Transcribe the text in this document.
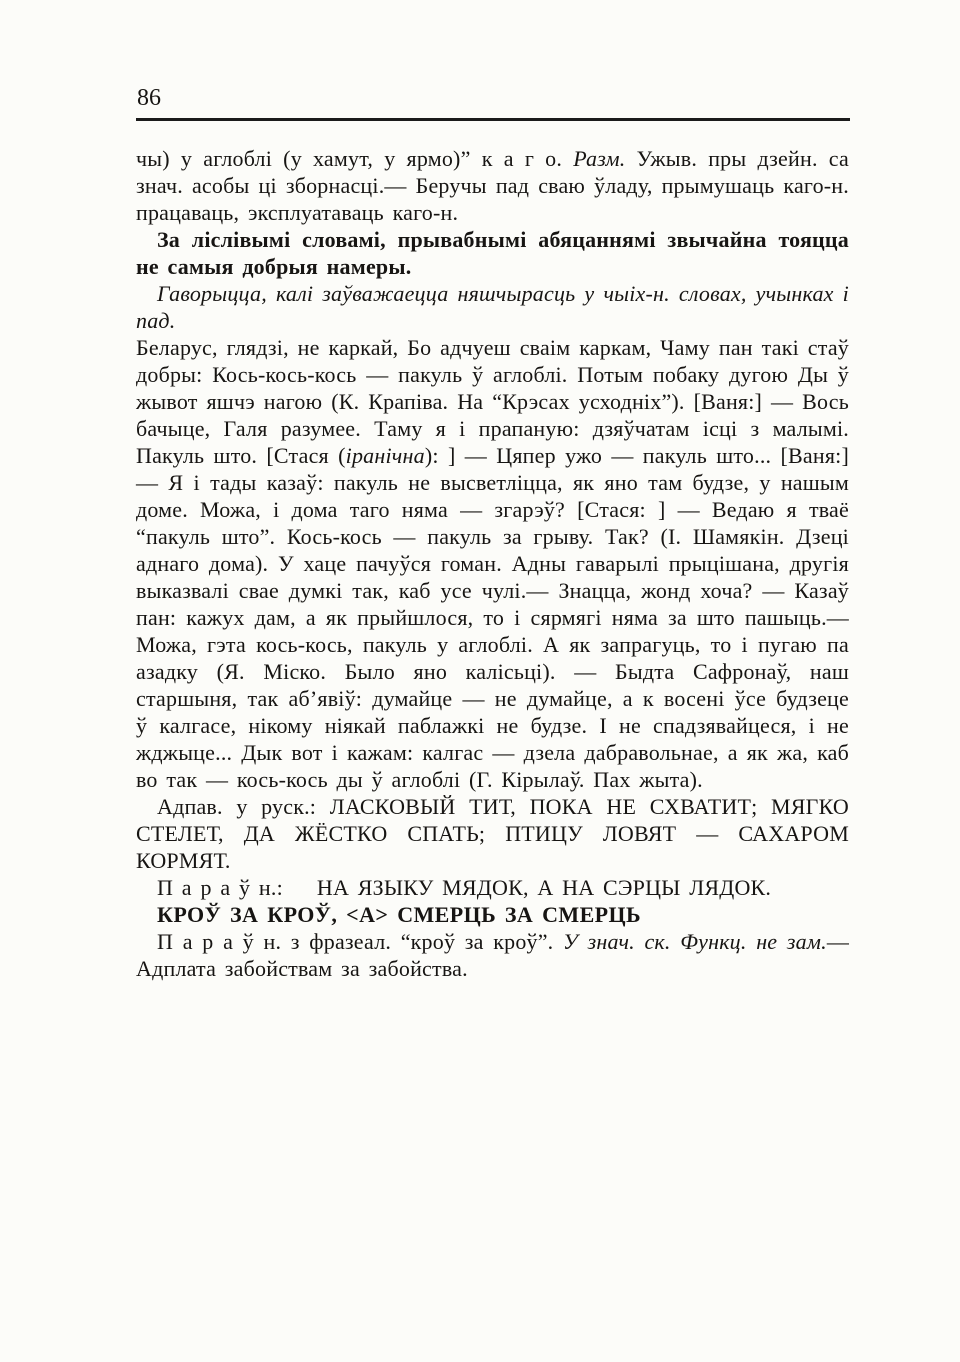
86

чы) у аглоблі (у хамут, у ярмо)” к а г о. Разм. Ужыв. пры дзейн. са знач. асобы ці зборнасці.— Беручы пад сваю ўладу, прымушаць каго-н. працаваць, эксплуатаваць каго-н.

За ліслівымі словамі, прывабнымі абяцаннямі звычайна тояцца не самыя добрыя намеры.

Гаворыцца, калі заўважаецца няшчырасць у чыіх-н. словах, учынках і пад.

Беларус, глядзі, не каркай, Бо адчуеш сваім каркам, Чаму пан такі стаў добры: Кось-кось-кось — пакуль ў аглоблі. Потым побаку дугою Ды ў жывот яшчэ нагою (К. Крапіва. На “Крэсах усходніх”). [Ваня:] — Вось бачыце, Галя разумее. Таму я і прапаную: дзяўчатам ісці з малымі. Пакуль што. [Стася (іранічна): ] — Цяпер ужо — пакуль што... [Ваня:] — Я і тады казаў: пакуль не высветліцца, як яно там будзе, у нашым доме. Можа, і дома таго няма — згарэў? [Стася: ] — Ведаю я тваё “пакуль што”. Кось-кось — пакуль за грыву. Так? (І. Шамякін. Дзеці аднаго дома). У хаце пачуўся гоман. Адны гаварылі прыцішана, другія выказвалі свае думкі так, каб усе чулі.— Знацца, жонд хоча? — Казаў пан: кажух дам, а як прыйшлося, то і сярмягі няма за што пашыць.— Можа, гэта кось-кось, пакуль у аглоблі. А як запрагуць, то і пугаю па азадку (Я. Міско. Было яно калісьці). — Быдта Сафронаў, наш старшыня, так аб’явіў: думайце — не думайце, а к восені ўсе будзеце ў калгасе, нікому ніякай паблажкі не будзе. І не спадзявайцеся, і не жджыце... Дык вот і кажам: калгас — дзела дабравольнае, а як жа, каб во так — кось-кось ды ў аглоблі (Г. Кірылаў. Пах жыта).

Адпав. у руск.: ЛАСКОВЫЙ ТИТ, ПОКА НЕ СХВАТИТ; МЯГКО СТЕЛЕТ, ДА ЖЁСТКО СПАТЬ; ПТИЦУ ЛОВЯТ — САХАРОМ КОРМЯТ.

П а р а ў н.: НА ЯЗЫКУ МЯДОК, А НА СЭРЦЫ ЛЯДОК.

КРОЎ ЗА КРОЎ, <А> СМЕРЦЬ ЗА СМЕРЦЬ

П а р а ў н. з фразеал. “кроў за кроў”. У знач. ск. Функц. не зам.— Адплата забойствам за забойства.
